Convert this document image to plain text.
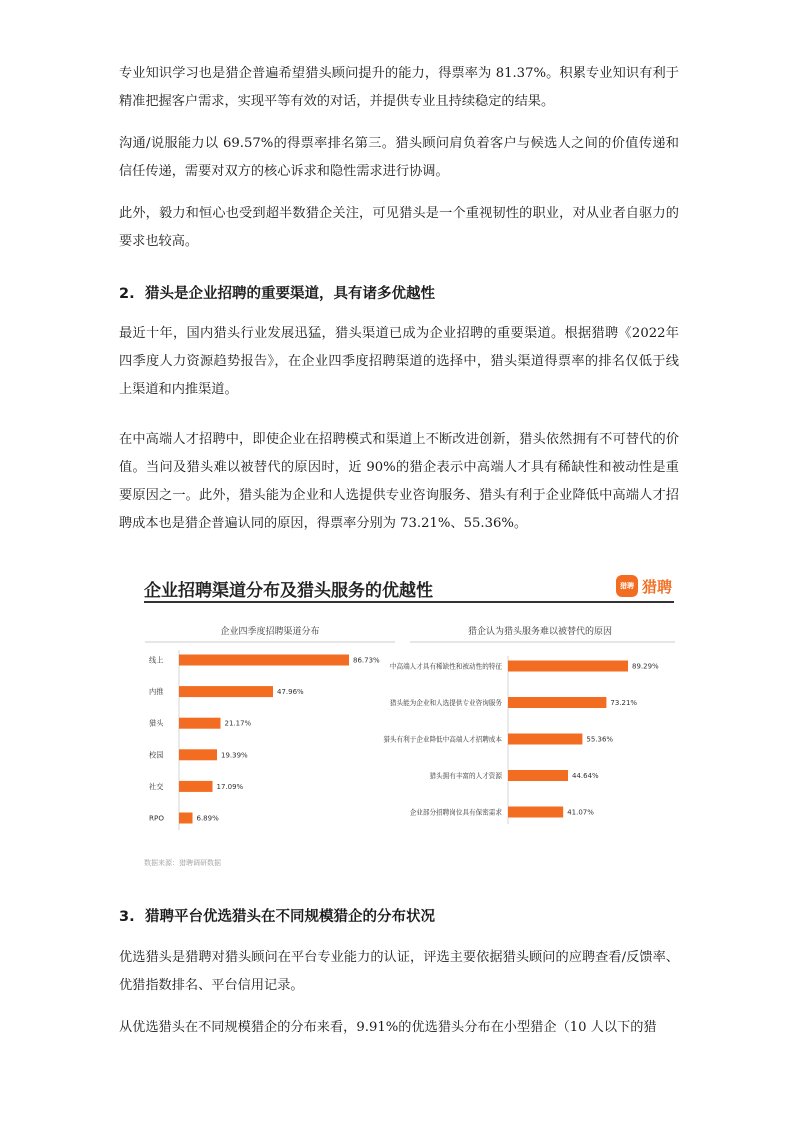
专业知识学习也是猎企普遍希望猎头顾问提升的能力，得票率为 81.37%。积累专业知识有利于精准把握客户需求，实现平等有效的对话，并提供专业且持续稳定的结果。

沟通/说服能力以 69.57%的得票率排名第三。猎头顾问肩负着客户与候选人之间的价值传递和信任传递，需要对双方的核心诉求和隐性需求进行协调。

此外，毅力和恒心也受到超半数猎企关注，可见猎头是一个重视韧性的职业，对从业者自驱力的要求也较高。

2. 猎头是企业招聘的重要渠道，具有诸多优越性

最近十年，国内猎头行业发展迅猛，猎头渠道已成为企业招聘的重要渠道。根据猎聘《2022年四季度人力资源趋势报告》，在企业四季度招聘渠道的选择中，猎头渠道得票率的排名仅低于线上渠道和内推渠道。

在中高端人才招聘中，即使企业在招聘模式和渠道上不断改进创新，猎头依然拥有不可替代的价值。当问及猎头难以被替代的原因时，近 90%的猎企表示中高端人才具有稀缺性和被动性是重要原因之一。此外，猎头能为企业和人选提供专业咨询服务、猎头有利于企业降低中高端人才招聘成本也是猎企普遍认同的原因，得票率分别为 73.21%、55.36%。

企业招聘渠道分布及猎头服务的优越性	猎聘 猎聘
企业四季度招聘渠道分布
线上	86.73%
内推	47.96%
猎头	21.17%
校园	19.39%
社交	17.09%
RPO	6.89%
猎企认为猎头服务难以被替代的原因
中高端人才具有稀缺性和被动性的特征	89.29%
猎头能为企业和人选提供专业咨询服务	73.21%
猎头有利于企业降低中高端人才招聘成本	55.36%
猎头拥有丰富的人才资源	44.64%
企业部分招聘岗位具有保密需求	41.07%
数据来源：猎聘调研数据
3. 猎聘平台优选猎头在不同规模猎企的分布状况

优选猎头是猎聘对猎头顾问在平台专业能力的认证，评选主要依据猎头顾问的应聘查看/反馈率、优猎指数排名、平台信用记录。

从优选猎头在不同规模猎企的分布来看，9.91%的优选猎头分布在小型猎企（10 人以下的猎
